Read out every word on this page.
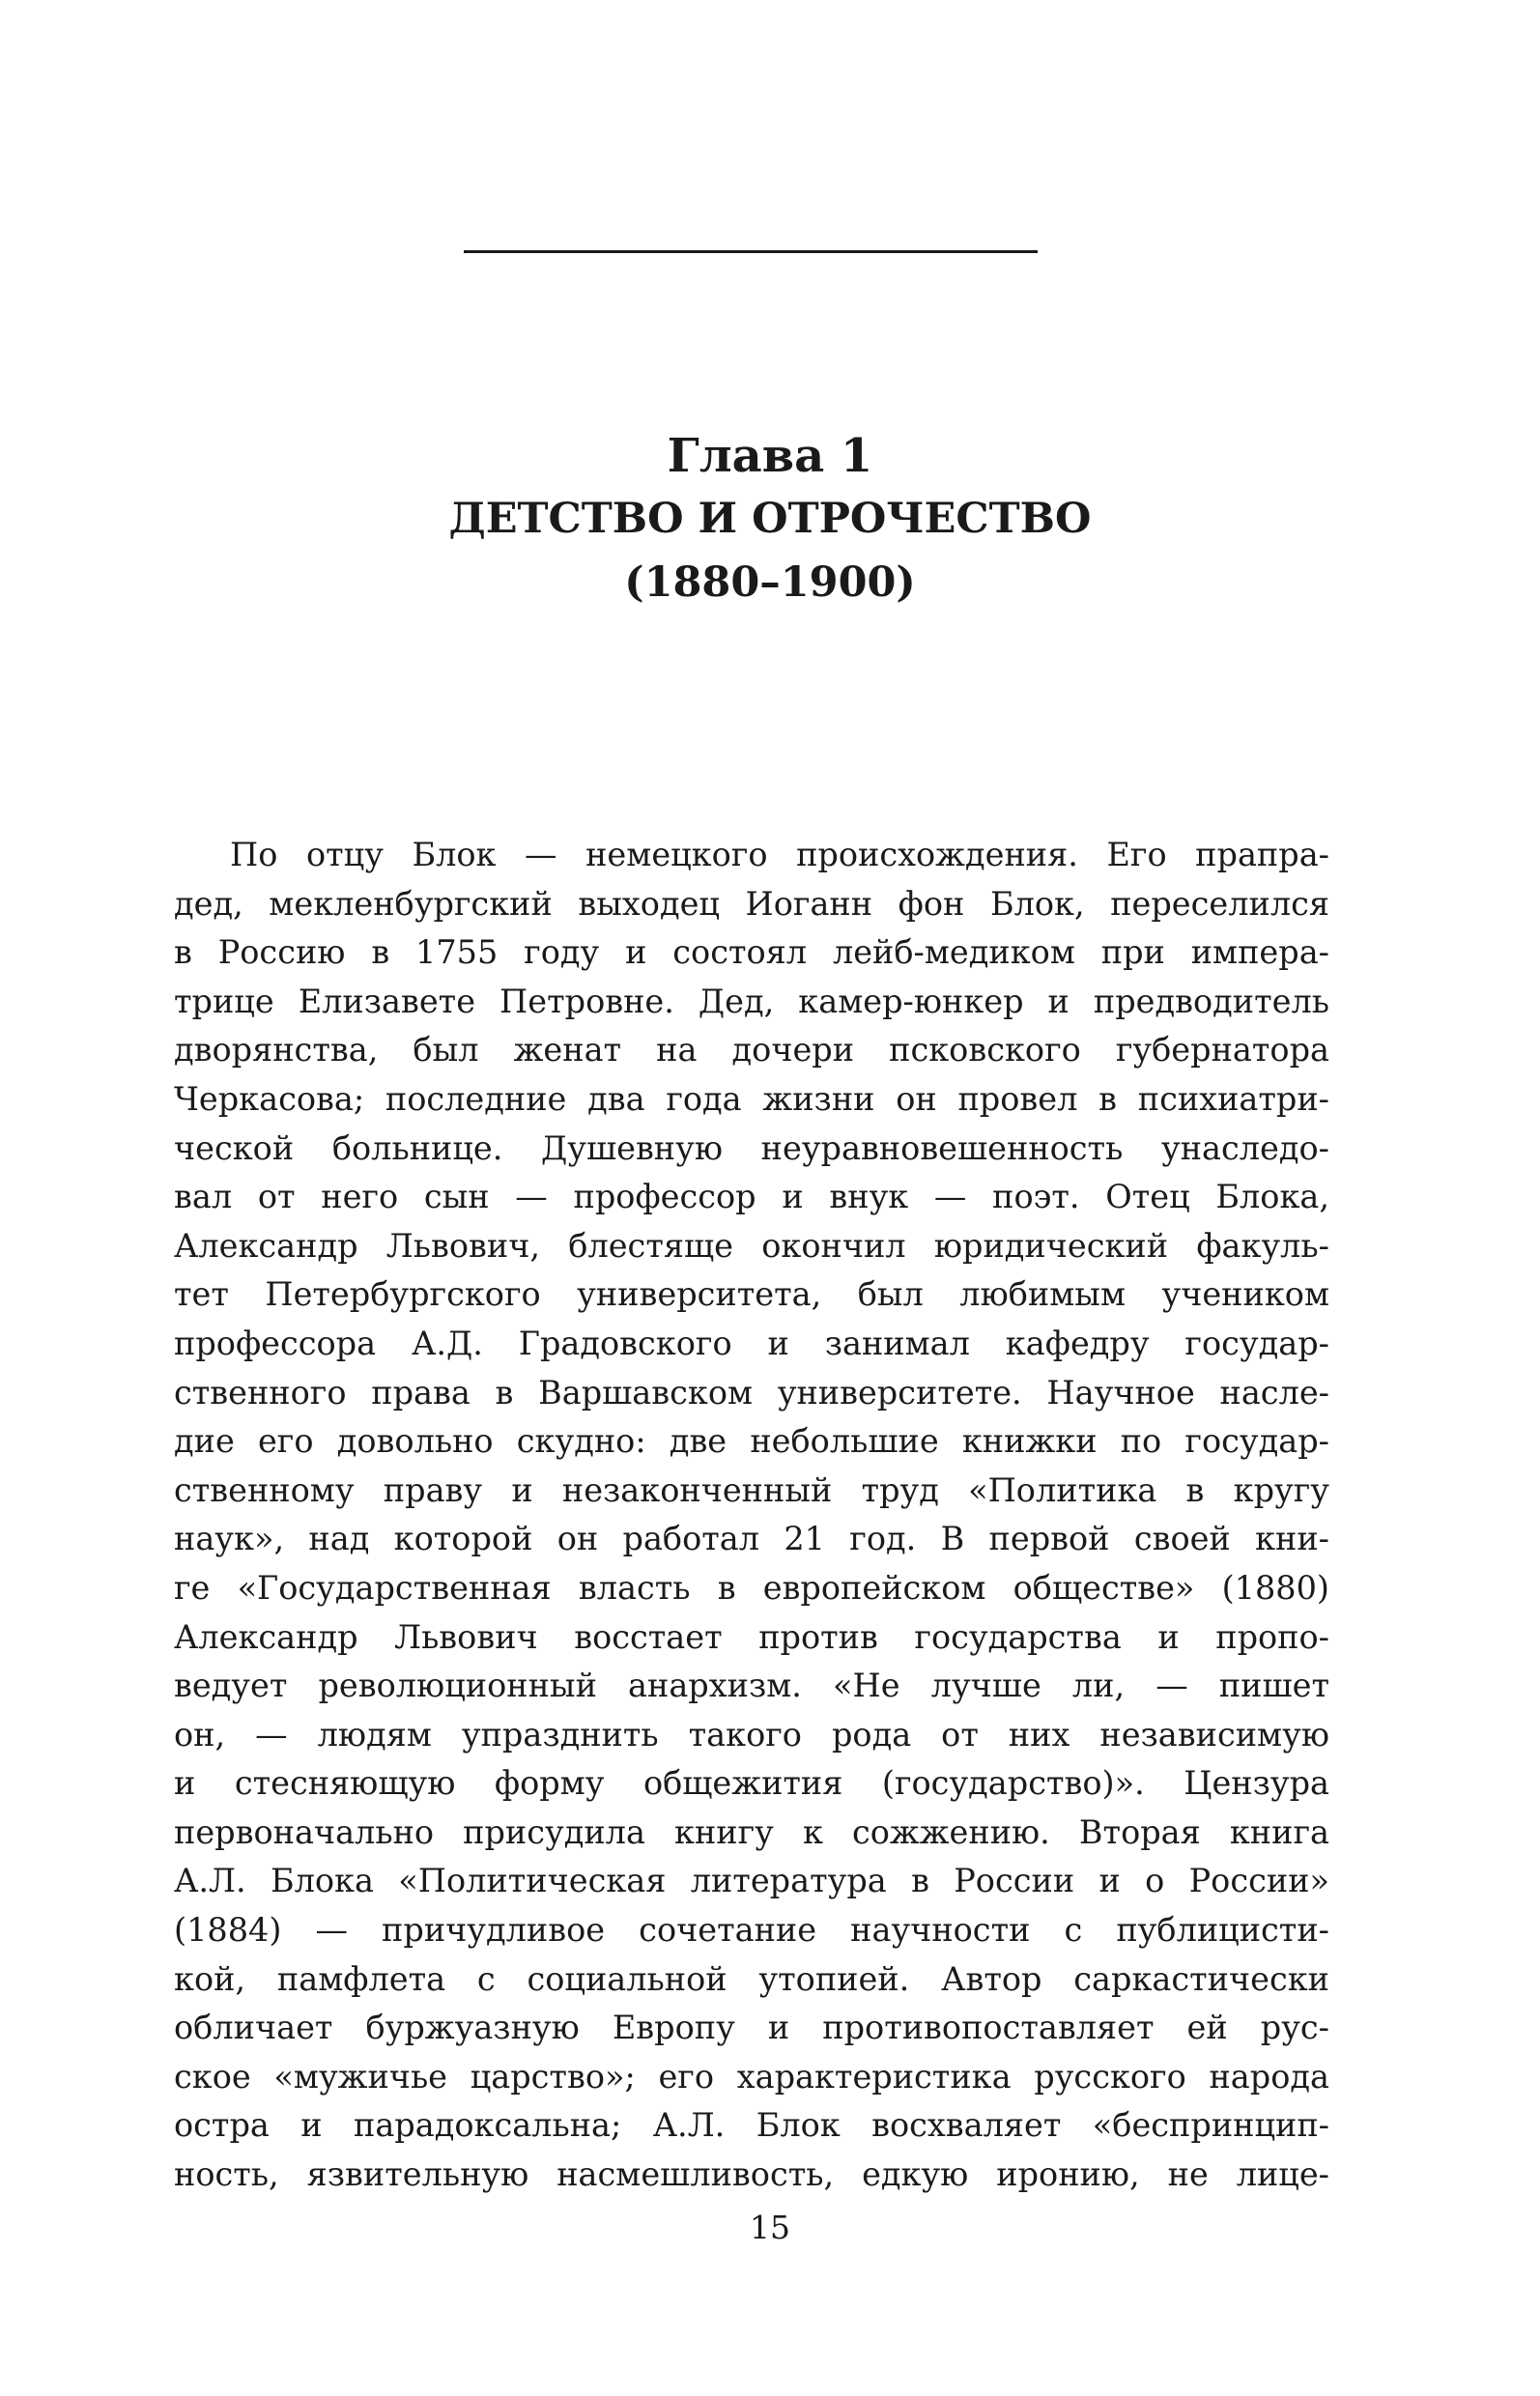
Глава 1
ДЕТСТВО И ОТРОЧЕСТВО
(1880–1900)
По отцу Блок — немецкого происхождения. Его прапра-
дед, мекленбургский выходец Иоганн фон Блок, переселился
в Россию в 1755 году и состоял лейб-медиком при импера-
трице Елизавете Петровне. Дед, камер-юнкер и предводитель
дворянства, был женат на дочери псковского губернатора
Черкасова; последние два года жизни он провел в психиатри-
ческой больнице. Душевную неуравновешенность унаследо-
вал от него сын — профессор и внук — поэт. Отец Блока,
Александр Львович, блестяще окончил юридический факуль-
тет Петербургского университета, был любимым учеником
профессора А.Д. Градовского и занимал кафедру государ-
ственного права в Варшавском университете. Научное насле-
дие его довольно скудно: две небольшие книжки по государ-
ственному праву и незаконченный труд «Политика в кругу
наук», над которой он работал 21 год. В первой своей кни-
ге «Государственная власть в европейском обществе» (1880)
Александр Львович восстает против государства и пропо-
ведует революционный анархизм. «Не лучше ли, — пишет
он, — людям упразднить такого рода от них независимую
и стесняющую форму общежития (государство)». Цензура
первоначально присудила книгу к сожжению. Вторая книга
А.Л. Блока «Политическая литература в России и о России»
(1884) — причудливое сочетание научности с публицисти-
кой, памфлета с социальной утопией. Автор саркастически
обличает буржуазную Европу и противопоставляет ей рус-
ское «мужичье царство»; его характеристика русского народа
остра и парадоксальна; А.Л. Блок восхваляет «беспринцип-
ность, язвительную насмешливость, едкую иронию, не лице-
15
